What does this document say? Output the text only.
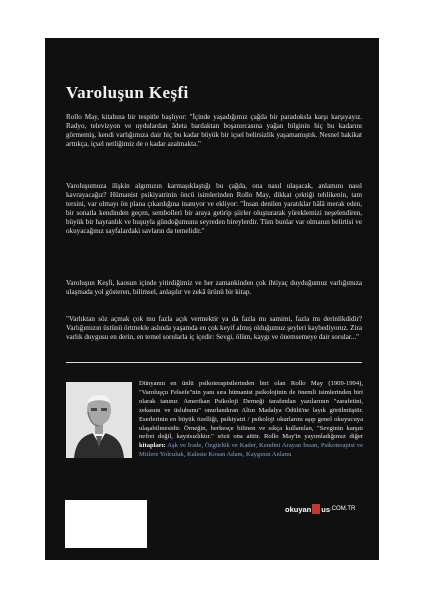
Varoluşun Keşfi
Rollo May, kitabına bir tespitle başlıyor: "İçinde yaşadığımız çağda bir paradoksla karşı karşıyayız. Radyo, televizyon ve uydulardan âdeta bardaktan boşanırcasına yağan bilginin hiç bu kadarını görmemiş, kendi varlığımıza dair hiç bu kadar büyük bir içsel belirsizlik yaşamamıştık. Nesnel hakikat arttıkça, içsel netliğimiz de o kadar azalmakta."
Varoluşumuza ilişkin algımızın karmaşıklaştığı bu çağda, ona nasıl ulaşacak, anlamını nasıl kavrayacağız? Hümanist psikiyatrinin öncü isimlerinden Rollo May, dikkat çektiği tehlikenin, tam tersini, var olmayı ön plana çıkardığına inanıyor ve ekliyor: "İnsan denilen yaratıklar hâlâ merak eden, bir sonatla kendinden geçen, sembolleri bir araya getirip şiirler oluşturarak yüreklemizi neşelendiren, büyük bir hayranlık ve huşuyla gündoğumunu seyreden bireylerdir. Tüm bunlar var olmanın belirtisi ve okuyacağınız sayfalardaki savların da temelidir."
Varoluşun Keşfi, kaosun içinde yitirdiğimiz ve her zamankinden çok ihtiyaç duyduğumuz varlığımıza ulaşmada yol gösteren, bilimsel, anlaşılır ve zekâ ürünü bir kitap.
"Varlıktan söz açmak çok mu fazla açık vermektir ya da fazla mı samimi, fazla mı derinlikdidir? Varlığımızın üstünü örtmekle aslında yaşamda en çok keyif almış olduğumuz şeyleri kaybediyoruz. Zira varlık duygusu en derin, en temel sorularla iç içedir: Sevgi, ölüm, kaygı ve önemsemeye dair sorular..."
Dünyanın en ünlü psikoterapistlerinden biri olan Rollo May (1909-1994), "Varoluşçu Felsefe"nin yanı sıra hümanist psikolojinin de önemli isimlerinden biri olarak tanınır. Amerikan Psikoloji Derneği tarafından yazılarının "zarafetini, zekasını ve üslubunu" onurlandıran Altın Madalya Ödülü'ne layık görülmüştür. Eserlerinin en büyük özelliği, psikiyatri / psikoloji okurlarını aşıp genel okuyucuya ulaşabilmesidir. Örneğin, herkesçe bilinen ve sıkça kullanılan, "Sevginin karşıtı nefret değil, kayıtsızlıktır." sözü ona aittir. Rollo May'in yayımladığımız diğer kitapları: Aşk ve İrade, Özgürlük ve Kader, Kendini Arayan İnsan, Psikoterapist ve Mitlere Yolculuk, Kaleste Kosan Adam, Kaygının Anlamı
okuyan us .COM.TR
